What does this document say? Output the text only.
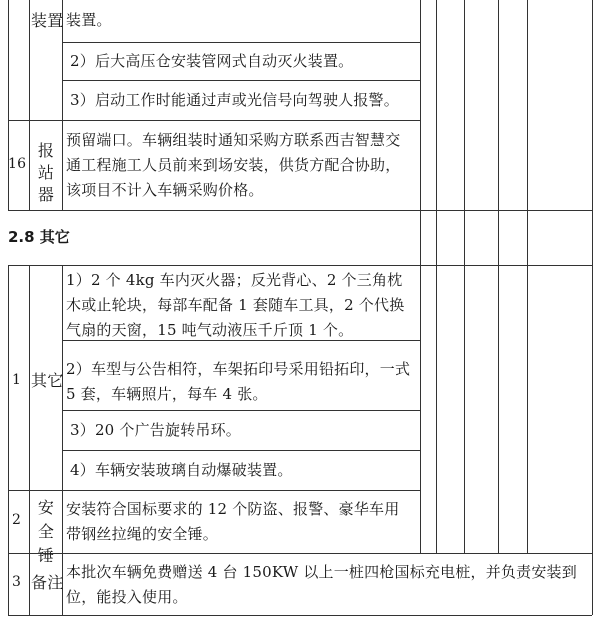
装置 装置。
2）后大高压仓安装管网式自动灭火装置。
3）启动工作时能通过声或光信号向驾驶人报警。
16
报站器
预留端口。车辆组装时通知采购方联系西吉智慧交通工程施工人员前来到场安装，供货方配合协助，该项目不计入车辆采购价格。
2.8 其它
1 其它
1）2 个 4kg 车内灭火器；反光背心、2 个三角枕木或止轮块，每部车配备 1 套随车工具，2 个代换气扇的天窗，15 吨气动液压千斤顶 1 个。
2）车型与公告相符，车架拓印号采用铅拓印，一式 5 套，车辆照片，每车 4 张。
3）20 个广告旋转吊环。
4）车辆安装玻璃自动爆破装置。
2
安全锤
安装符合国标要求的 12 个防盗、报警、豪华车用带钢丝拉绳的安全锤。
3 备注
本批次车辆免费赠送 4 台 150KW 以上一桩四枪国标充电桩，并负责安装到位，能投入使用。
